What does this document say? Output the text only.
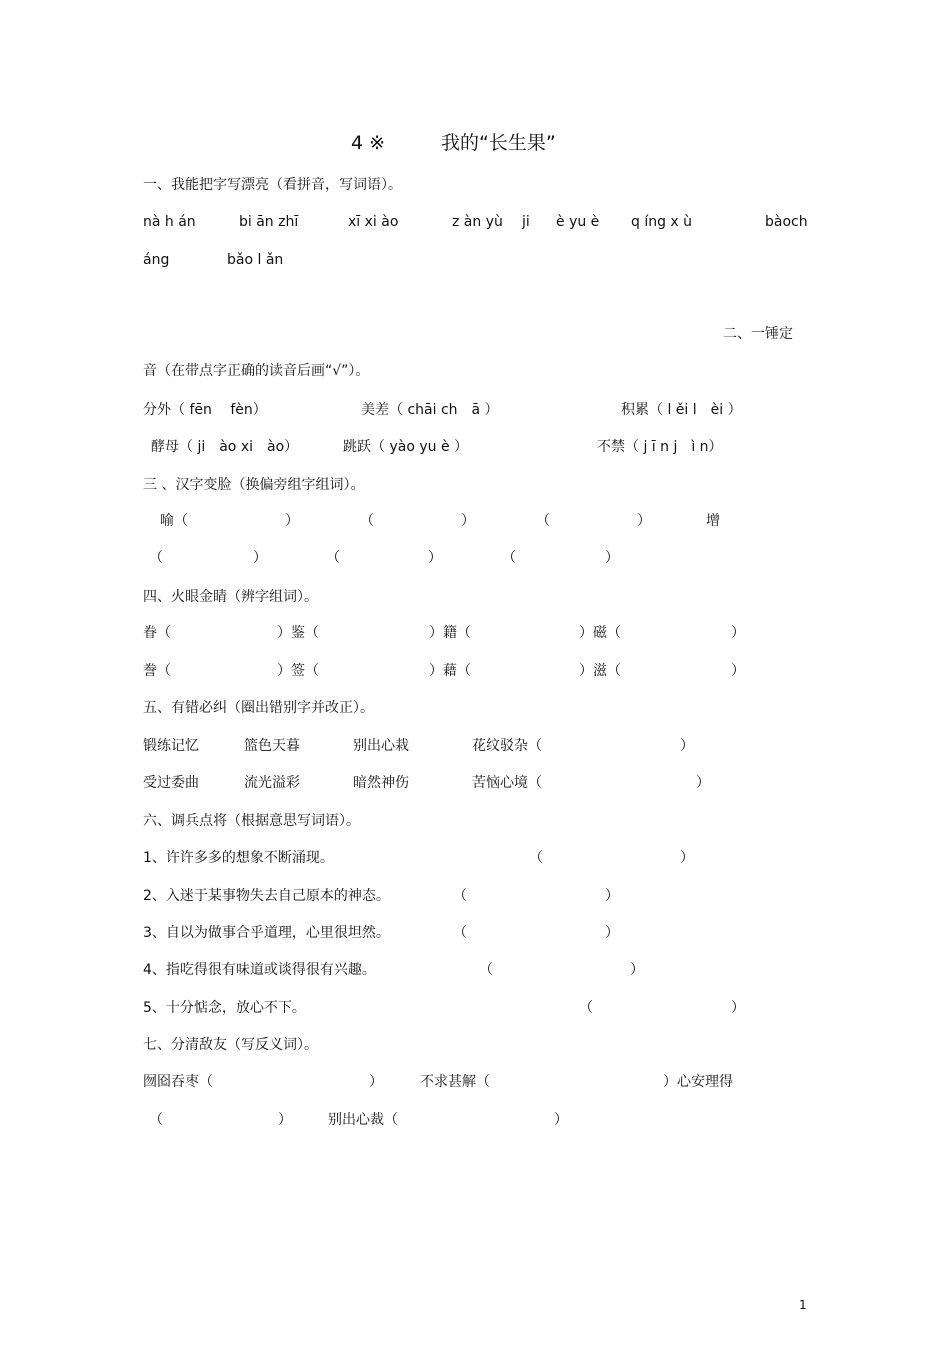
4 ※	我的“长生果”
一、我能把字写漂亮（看拼音，写词语）。
nà h án	bi ān zhī	xī xi ào	z àn yù ji è yu è q íng x ù	bàoch
áng	bǎo l ǎn
二、一锤定
音（在带点字正确的读音后画“√”）。
分外（ fēn　 fèn）	美差（ chāi ch　ā ）	积累（ l ěi l　èi ）
酵母（ ji　ào xi　ào）	跳跃（ yào yu è ）	不禁（ j ī n j　ì n）
三 、汉字变脸（换偏旁组字组词）。
喻（	）	（	）	（	）	增
（	）	（	）	（	）
四、火眼金睛（辨字组词）。
眷（	）鉴（	）籍（	）磁（	）
誊（	）签（	）藉（	）滋（	）
五、有错必纠（圈出错别字并改正）。
锻练记忆	篮色天暮	别出心栽	花纹驳杂（	）
受过委曲	流光溢彩	暗然神伤	苦恼心境（	）
六、调兵点将（根据意思写词语）。
1、许许多多的想象不断涌现。	（	）
2、入迷于某事物失去自己原本的神态。	（	）
3、自以为做事合乎道理，心里很坦然。	（	）
4、指吃得很有味道或谈得很有兴趣。	（	）
5、十分惦念，放心不下。	（	）
七、分清敌友（写反义词）。
囫囵吞枣（	）	不求甚解（	）心安理得
（	）	别出心裁（	）
1
